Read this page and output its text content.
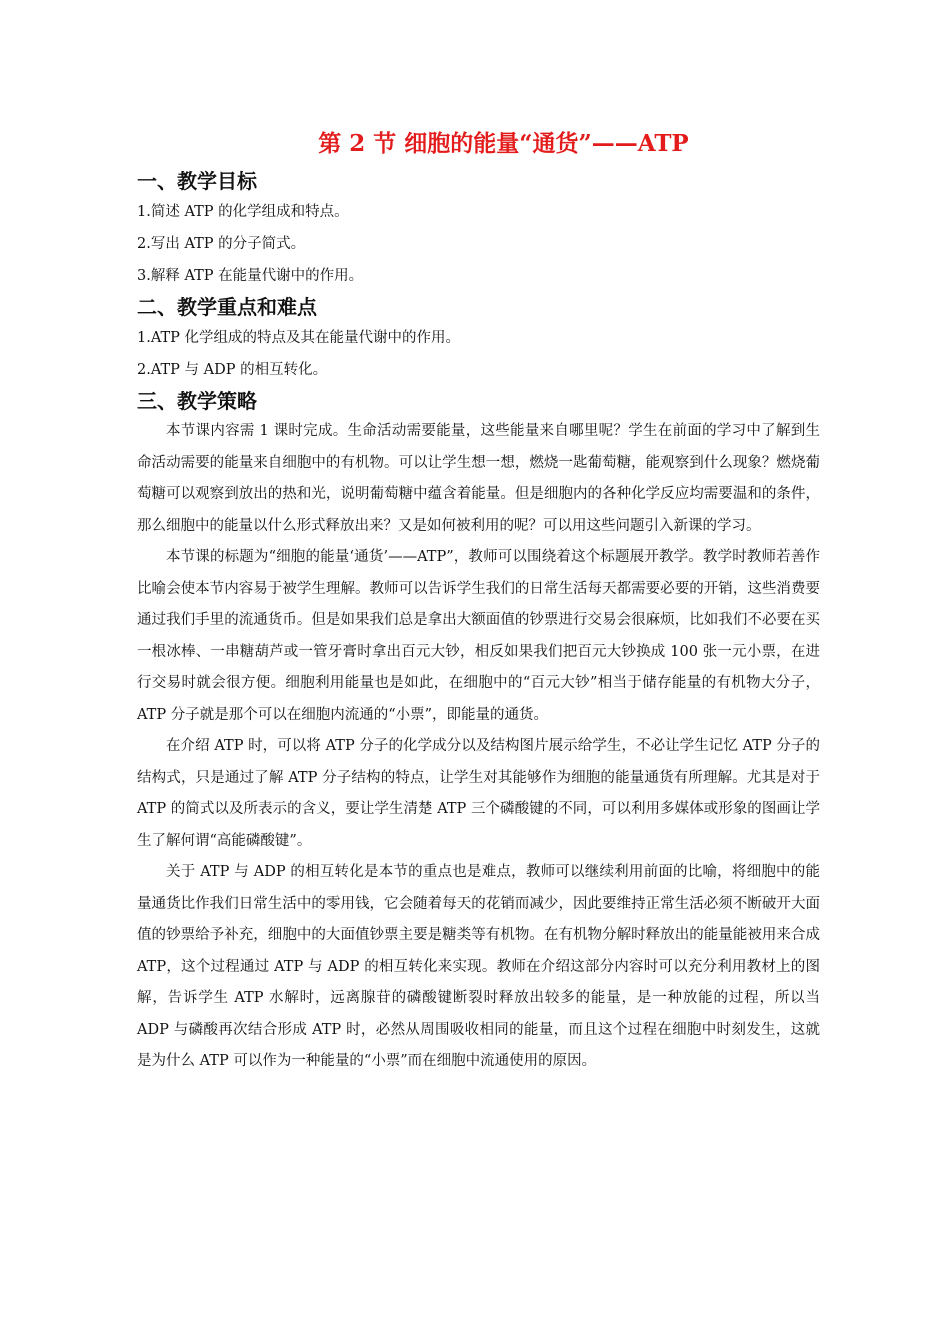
第 2 节 细胞的能量“通货”——ATP
一、教学目标

1.简述 ATP 的化学组成和特点。

2.写出 ATP 的分子简式。

3.解释 ATP 在能量代谢中的作用。

二、教学重点和难点

1.ATP 化学组成的特点及其在能量代谢中的作用。

2.ATP 与 ADP 的相互转化。

三、教学策略

本节课内容需 1 课时完成。生命活动需要能量，这些能量来自哪里呢？学生在前面的学习中了解到生命活动需要的能量来自细胞中的有机物。可以让学生想一想，燃烧一匙葡萄糖，能观察到什么现象？燃烧葡萄糖可以观察到放出的热和光，说明葡萄糖中蕴含着能量。但是细胞内的各种化学反应均需要温和的条件，那么细胞中的能量以什么形式释放出来？又是如何被利用的呢？可以用这些问题引入新课的学习。

本节课的标题为“细胞的能量‘通货’——ATP”，教师可以围绕着这个标题展开教学。教学时教师若善作比喻会使本节内容易于被学生理解。教师可以告诉学生我们的日常生活每天都需要必要的开销，这些消费要通过我们手里的流通货币。但是如果我们总是拿出大额面值的钞票进行交易会很麻烦，比如我们不必要在买一根冰棒、一串糖葫芦或一管牙膏时拿出百元大钞，相反如果我们把百元大钞换成 100 张一元小票，在进行交易时就会很方便。细胞利用能量也是如此，在细胞中的“百元大钞”相当于储存能量的有机物大分子，ATP 分子就是那个可以在细胞内流通的“小票”，即能量的通货。

在介绍 ATP 时，可以将 ATP 分子的化学成分以及结构图片展示给学生，不必让学生记忆 ATP 分子的结构式，只是通过了解 ATP 分子结构的特点，让学生对其能够作为细胞的能量通货有所理解。尤其是对于 ATP 的简式以及所表示的含义，要让学生清楚 ATP 三个磷酸键的不同，可以利用多媒体或形象的图画让学生了解何谓“高能磷酸键”。

关于 ATP 与 ADP 的相互转化是本节的重点也是难点，教师可以继续利用前面的比喻，将细胞中的能量通货比作我们日常生活中的零用钱，它会随着每天的花销而减少，因此要维持正常生活必须不断破开大面值的钞票给予补充，细胞中的大面值钞票主要是糖类等有机物。在有机物分解时释放出的能量能被用来合成 ATP，这个过程通过 ATP 与 ADP 的相互转化来实现。教师在介绍这部分内容时可以充分利用教材上的图解，告诉学生 ATP 水解时，远离腺苷的磷酸键断裂时释放出较多的能量，是一种放能的过程，所以当 ADP 与磷酸再次结合形成 ATP 时，必然从周围吸收相同的能量，而且这个过程在细胞中时刻发生，这就是为什么 ATP 可以作为一种能量的“小票”而在细胞中流通使用的原因。
